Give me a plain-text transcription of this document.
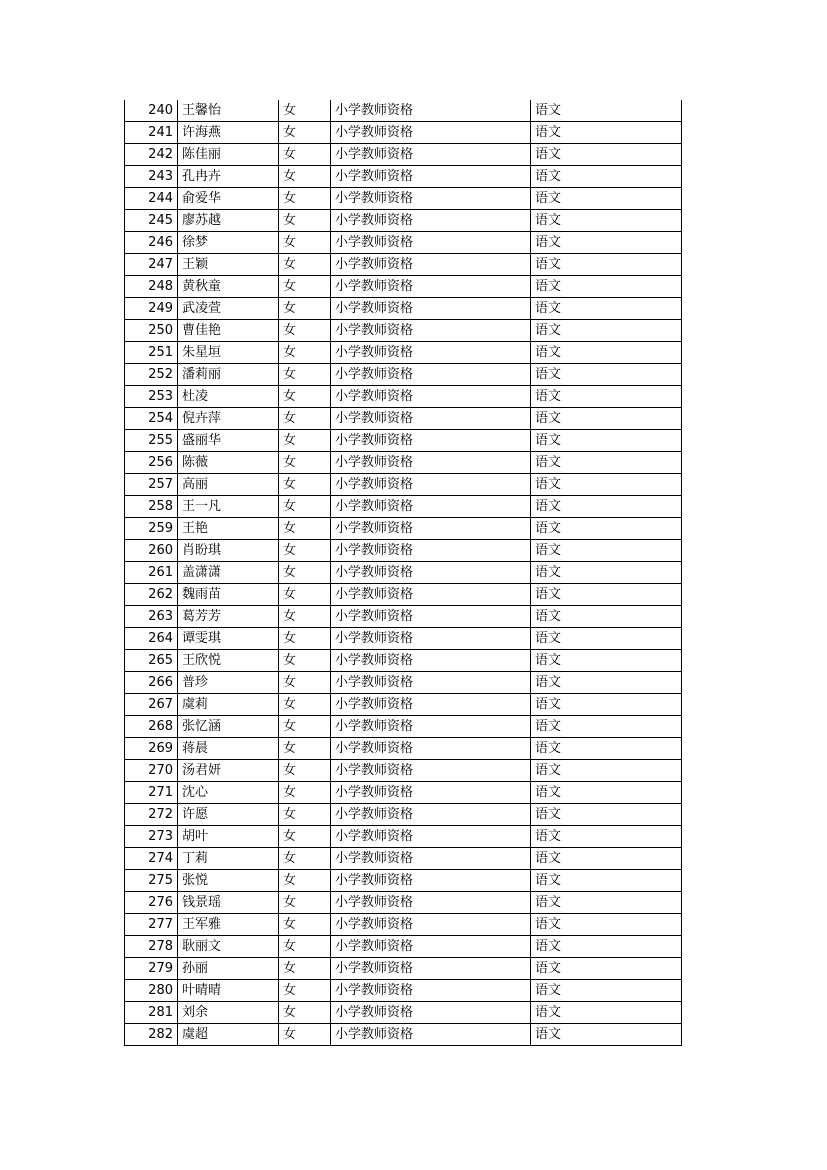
240	王馨怡	女	小学教师资格	语文
241	许海燕	女	小学教师资格	语文
242	陈佳丽	女	小学教师资格	语文
243	孔冉卉	女	小学教师资格	语文
244	俞爱华	女	小学教师资格	语文
245	廖苏越	女	小学教师资格	语文
246	徐梦	女	小学教师资格	语文
247	王颖	女	小学教师资格	语文
248	黄秋童	女	小学教师资格	语文
249	武凌萱	女	小学教师资格	语文
250	曹佳艳	女	小学教师资格	语文
251	朱星垣	女	小学教师资格	语文
252	潘莉丽	女	小学教师资格	语文
253	杜凌	女	小学教师资格	语文
254	倪卉萍	女	小学教师资格	语文
255	盛丽华	女	小学教师资格	语文
256	陈薇	女	小学教师资格	语文
257	高丽	女	小学教师资格	语文
258	王一凡	女	小学教师资格	语文
259	王艳	女	小学教师资格	语文
260	肖盼琪	女	小学教师资格	语文
261	盖潇潇	女	小学教师资格	语文
262	魏雨苗	女	小学教师资格	语文
263	葛芳芳	女	小学教师资格	语文
264	谭雯琪	女	小学教师资格	语文
265	王欣悦	女	小学教师资格	语文
266	普珍	女	小学教师资格	语文
267	虞莉	女	小学教师资格	语文
268	张忆涵	女	小学教师资格	语文
269	蒋晨	女	小学教师资格	语文
270	汤君妍	女	小学教师资格	语文
271	沈心	女	小学教师资格	语文
272	许愿	女	小学教师资格	语文
273	胡叶	女	小学教师资格	语文
274	丁莉	女	小学教师资格	语文
275	张悦	女	小学教师资格	语文
276	钱景瑶	女	小学教师资格	语文
277	王军雅	女	小学教师资格	语文
278	耿丽文	女	小学教师资格	语文
279	孙丽	女	小学教师资格	语文
280	叶晴晴	女	小学教师资格	语文
281	刘余	女	小学教师资格	语文
282	虞超	女	小学教师资格	语文
